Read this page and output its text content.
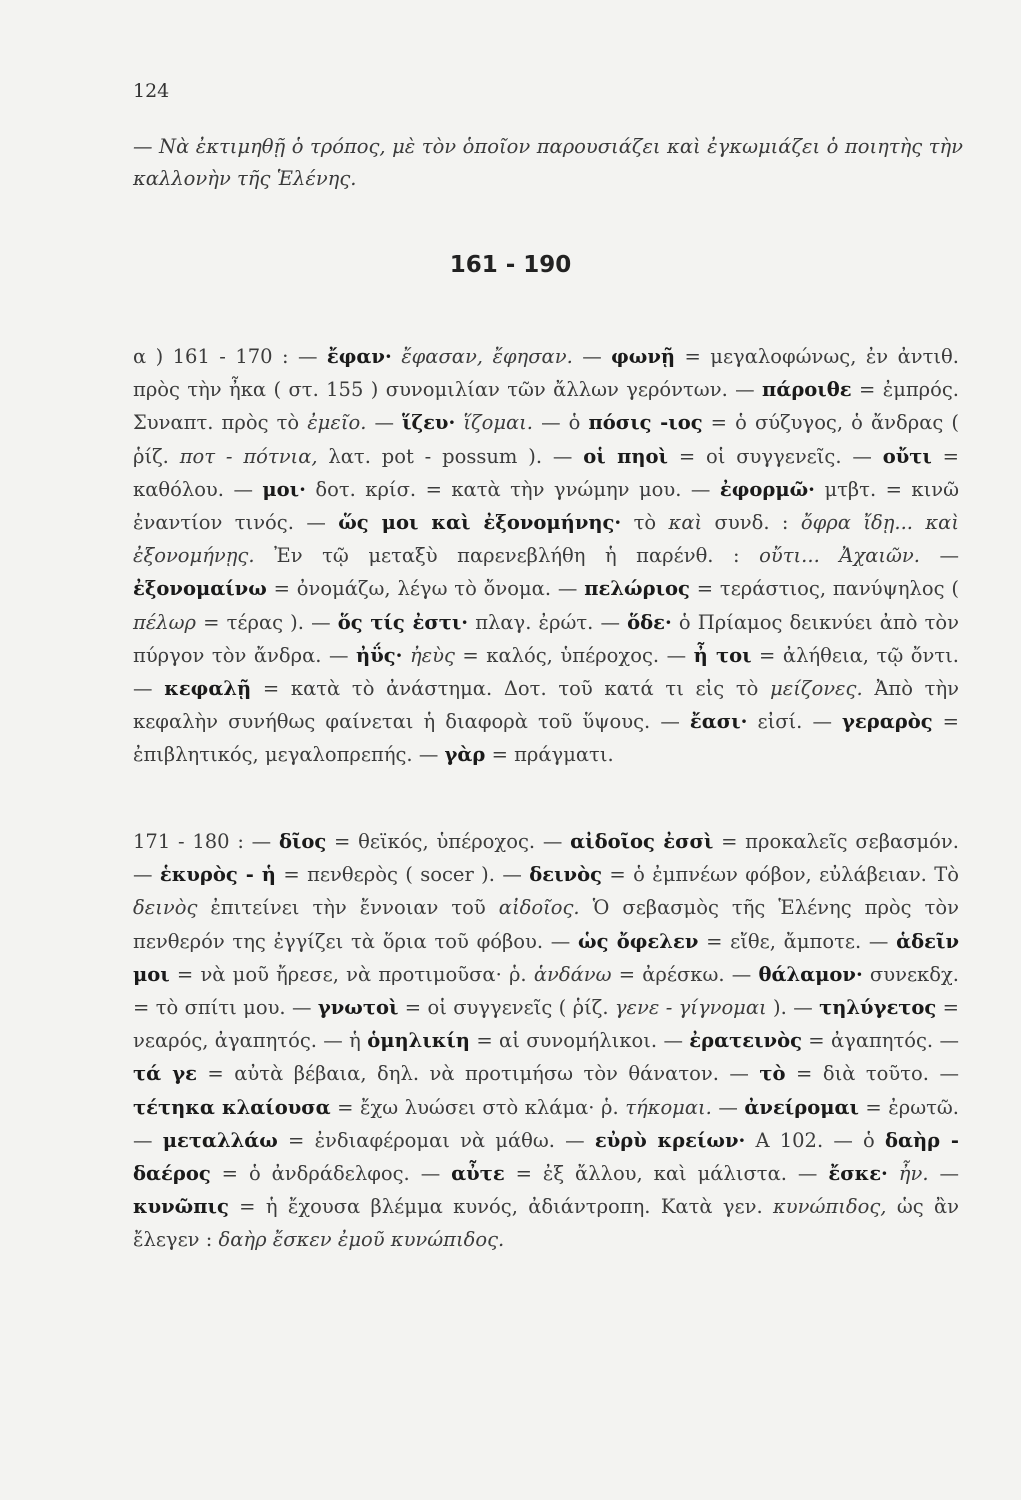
124
— Νὰ ἐκτιμηθῇ ὁ τρόπος, μὲ τὸν ὁποῖον παρουσιάζει καὶ ἐγκωμιάζει ὁ ποιητὴς τὴν καλλονὴν τῆς Ἑλένης.
161 - 190
α ) 161 - 170 : — ἔφαν· ἔφασαν, ἔφησαν. — φωνῇ = μεγαλοφώνως, ἐν ἀντιθ. πρὸς τὴν ἦκα ( στ. 155 ) συνομιλίαν τῶν ἄλλων γερόντων. — πάροιθε = ἐμπρός. Συναπτ. πρὸς τὸ ἐμεῖο. — ἵζευ· ἵζομαι. — ὁ πόσις -ιος = ὁ σύζυγος, ὁ ἄνδρας ( ῥίζ. ποτ - πότνια, λατ. pot - possum ). — οἱ πηοὶ = οἱ συγγενεῖς. — οὔτι = καθόλου. — μοι· δοτ. κρίσ. = κατὰ τὴν γνώμην μου. — ἐφορμῶ· μτβτ. = κινῶ ἐναντίον τινός. — ὥς μοι καὶ ἐξονομήνης· τὸ καὶ συνδ. : ὄφρα ἴδῃ... καὶ ἐξονομήνῃς. Ἐν τῷ μεταξὺ παρενεβλήθη ἡ παρένθ. : οὔτι... Ἀχαιῶν. — ἐξονομαίνω = ὀνομάζω, λέγω τὸ ὄνομα. — πελώριος = τεράστιος, πανύψηλος ( πέλωρ = τέρας ). — ὅς τίς ἐστι· πλαγ. ἐρώτ. — ὅδε· ὁ Πρίαμος δεικνύει ἀπὸ τὸν πύργον τὸν ἄνδρα. — ἠΰς· ἠεὺς = καλός, ὑπέροχος. — ἦ τοι = ἀλήθεια, τῷ ὄντι. — κεφαλῇ = κατὰ τὸ ἀνάστημα. Δοτ. τοῦ κατά τι εἰς τὸ μείζονες. Ἀπὸ τὴν κεφαλὴν συνήθως φαίνεται ἡ διαφορὰ τοῦ ὕψους. — ἔασι· εἰσί. — γεραρὸς = ἐπιβλητικός, μεγαλοπρεπής. — γὰρ = πράγματι.
171 - 180 : — δῖος = θεϊκός, ὑπέροχος. — αἰδοῖος ἐσσὶ = προκαλεῖς σεβασμόν. — ἑκυρὸς - ἡ = πενθερὸς ( socer ). — δεινὸς = ὁ ἐμπνέων φόβον, εὐλάβειαν. Τὸ δεινὸς ἐπιτείνει τὴν ἔννοιαν τοῦ αἰδοῖος. Ὁ σεβασμὸς τῆς Ἑλένης πρὸς τὸν πενθερόν της ἐγγίζει τὰ ὅρια τοῦ φόβου. — ὡς ὄφελεν = εἴθε, ἄμποτε. — ἁδεῖν μοι = νὰ μοῦ ἤρεσε, νὰ προτιμοῦσα· ῥ. ἁνδάνω = ἀρέσκω. — θάλαμον· συνεκδχ. = τὸ σπίτι μου. — γνωτοὶ = οἱ συγγενεῖς ( ῥίζ. γενε - γίγνομαι ). — τηλύγετος = νεαρός, ἀγαπητός. — ἡ ὁμηλικίη = αἱ συνομήλικοι. — ἐρατεινὸς = ἀγαπητός. — τά γε = αὐτὰ βέβαια, δηλ. νὰ προτιμήσω τὸν θάνατον. — τὸ = διὰ τοῦτο. — τέτηκα κλαίουσα = ἔχω λυώσει στὸ κλάμα· ῥ. τήκομαι. — ἀνείρομαι = ἐρωτῶ. — μεταλλάω = ἐνδιαφέρομαι νὰ μάθω. — εὐρὺ κρείων· Α 102. — ὁ δαὴρ - δαέρος = ὁ ἀνδράδελφος. — αὖτε = ἐξ ἄλλου, καὶ μάλιστα. — ἔσκε· ἦν. — κυνῶπις = ἡ ἔχουσα βλέμμα κυνός, ἀδιάντροπη. Κατὰ γεν. κυνώπιδος, ὡς ἂν ἔλεγεν : δαὴρ ἔσκεν ἐμοῦ κυνώπιδος.
